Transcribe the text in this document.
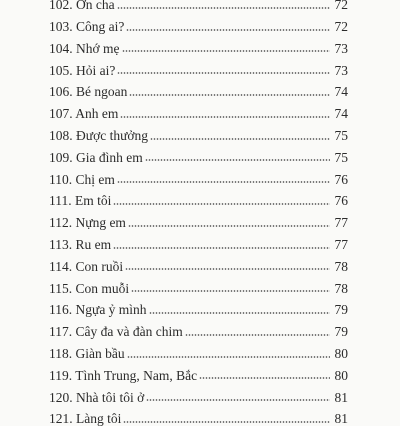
102. Ơn cha	72
103. Công ai?	72
104. Nhớ mẹ	73
105. Hỏi ai?	73
106. Bé ngoan	74
107. Anh em	74
108. Được thưởng	75
109. Gia đình em	75
110. Chị em	76
111. Em tôi	76
112. Nựng em	77
113. Ru em	77
114. Con ruồi	78
115. Con muỗi	78
116. Ngựa ỷ mình	79
117. Cây đa và đàn chim	79
118. Giàn bầu	80
119. Tình Trung, Nam, Bắc	80
120. Nhà tôi tôi ở	81
121. Làng tôi	81
